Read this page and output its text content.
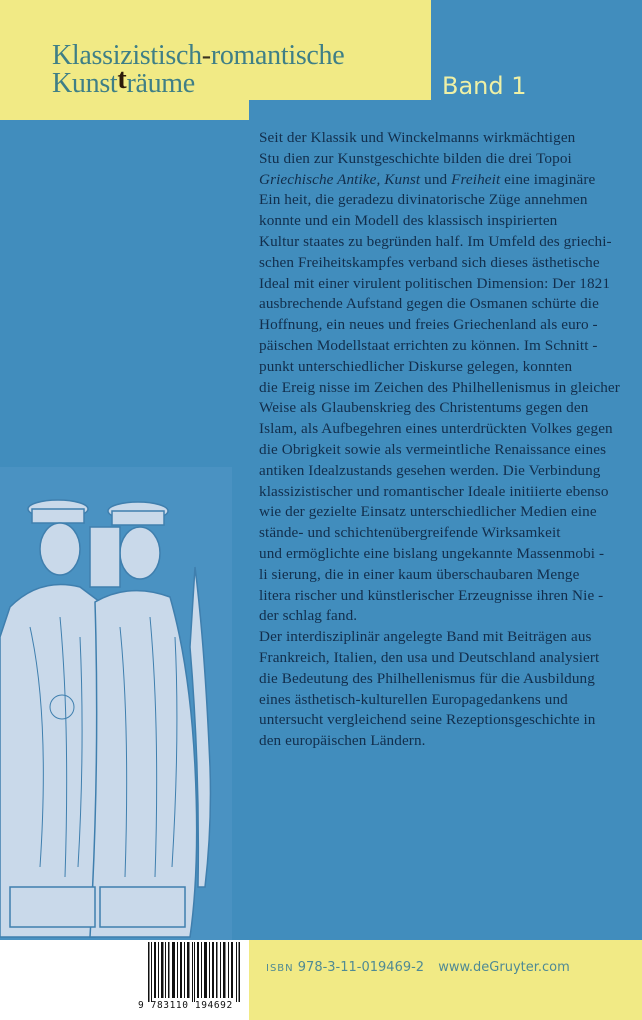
Klassizistisch-romantische
Kunstträume	Band 1

Seit der Klassik und Winckelmanns wirkmächtigen

Stu dien zur Kunstgeschichte bilden die drei Topoi

Griechische Antike, Kunst und Freiheit eine imaginäre

Ein heit, die geradezu divinatorische Züge annehmen

konnte und ein Modell des klassisch inspirierten

Kultur staates zu begründen half. Im Umfeld des griechi-

schen Freiheitskampfes verband sich dieses ästhetische

Ideal mit einer virulent politischen Dimension: Der 1821

ausbrechende Aufstand gegen die Osmanen schürte die

Hoffnung, ein neues und freies Griechenland als euro -

päischen Modellstaat errichten zu können. Im Schnitt -

punkt unterschiedlicher Diskurse gelegen, konnten

die Ereig nisse im Zeichen des Philhellenismus in gleicher

Weise als Glaubenskrieg des Christentums gegen den

Islam, als Aufbegehren eines unterdrückten Volkes gegen

die Obrigkeit sowie als vermeintliche Renaissance eines

antiken Idealzustands gesehen werden. Die Verbindung

klassizistischer und romantischer Ideale initiierte ebenso

wie der gezielte Einsatz unterschiedlicher Medien eine

stände- und schichtenübergreifende Wirksamkeit

und ermöglichte eine bislang ungekannte Massenmobi -

li sierung, die in einer kaum überschaubaren Menge

litera rischer und künstlerischer Erzeugnisse ihren Nie -

der schlag fand.

Der interdisziplinär angelegte Band mit Beiträgen aus

Frankreich, Italien, den usa und Deutschland analysiert

die Bedeutung des Philhellenismus für die Ausbildung

eines ästhetisch-kulturellen Europagedankens und

untersucht vergleichend seine Rezeptionsgeschichte in

den europäischen Ländern.

9 783110 194692
ISBN 978-3-11-019469-2 www.deGruyter.com
